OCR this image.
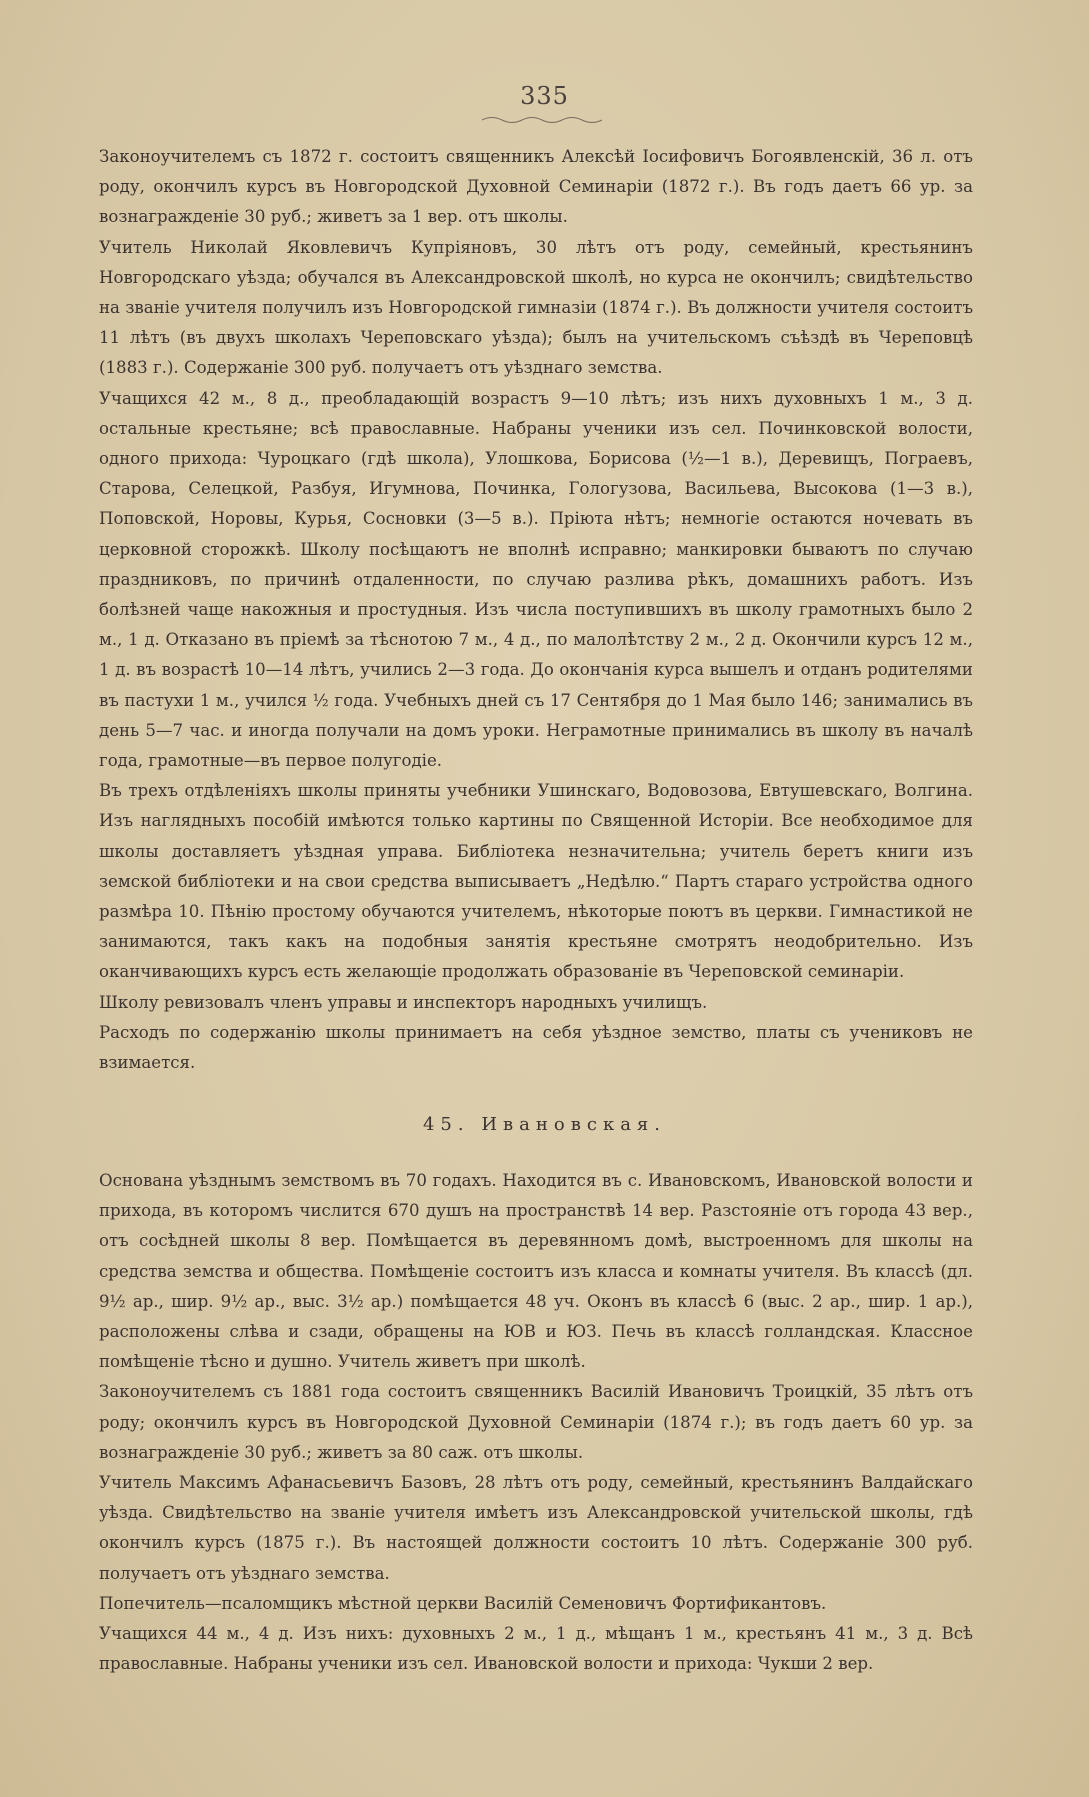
335

Законоучителемъ съ 1872 г. состоитъ священникъ Алексѣй Іосифовичъ Богоявленскій, 36 л. отъ роду, окончилъ курсъ въ Новгородской Духовной Семинаріи (1872 г.). Въ годъ даетъ 66 ур. за вознагражденіе 30 руб.; живетъ за 1 вер. отъ школы.

Учитель Николай Яковлевичъ Купріяновъ, 30 лѣтъ отъ роду, семейный, крестьянинъ Новгородскаго уѣзда; обучался въ Александровской школѣ, но курса не окончилъ; свидѣтельство на званіе учителя получилъ изъ Новгородской гимназіи (1874 г.). Въ должности учителя состоитъ 11 лѣтъ (въ двухъ школахъ Череповскаго уѣзда); былъ на учительскомъ съѣздѣ въ Череповцѣ (1883 г.). Содержаніе 300 руб. получаетъ отъ уѣзднаго земства.

Учащихся 42 м., 8 д., преобладающій возрастъ 9—10 лѣтъ; изъ нихъ духовныхъ 1 м., 3 д. остальные крестьяне; всѣ православные. Набраны ученики изъ сел. Починковской волости, одного прихода: Чуроцкаго (гдѣ школа), Улошкова, Борисова (½—1 в.), Деревищъ, Пограевъ, Старова, Селецкой, Разбуя, Игумнова, Починка, Гологузова, Васильева, Высокова (1—3 в.), Поповской, Норовы, Курья, Сосновки (3—5 в.). Пріюта нѣтъ; немногіе остаются ночевать въ церковной сторожкѣ. Школу посѣщаютъ не вполнѣ исправно; манкировки бываютъ по случаю праздниковъ, по причинѣ отдаленности, по случаю разлива рѣкъ, домашнихъ работъ. Изъ болѣзней чаще накожныя и простудныя. Изъ числа поступившихъ въ школу грамотныхъ было 2 м., 1 д. Отказано въ пріемѣ за тѣснотою 7 м., 4 д., по малолѣтству 2 м., 2 д. Окончили курсъ 12 м., 1 д. въ возрастѣ 10—14 лѣтъ, учились 2—3 года. До окончанія курса вышелъ и отданъ родителями въ пастухи 1 м., учился ½ года. Учебныхъ дней съ 17 Сентября до 1 Мая было 146; занимались въ день 5—7 час. и иногда получали на домъ уроки. Неграмотные принимались въ школу въ началѣ года, грамотные—въ первое полугодіе.

Въ трехъ отдѣленіяхъ школы приняты учебники Ушинскаго, Водовозова, Евтушевскаго, Волгина. Изъ наглядныхъ пособій имѣются только картины по Священной Исторіи. Все необходимое для школы доставляетъ уѣздная управа. Библіотека незначительна; учитель беретъ книги изъ земской библіотеки и на свои средства выписываетъ „Недѣлю.“ Партъ стараго устройства одного размѣра 10. Пѣнію простому обучаются учителемъ, нѣкоторые поютъ въ церкви. Гимнастикой не занимаются, такъ какъ на подобныя занятія крестьяне смотрятъ неодобрительно. Изъ оканчивающихъ курсъ есть желающіе продолжать образованіе въ Череповской семинаріи.

Школу ревизовалъ членъ управы и инспекторъ народныхъ училищъ.

Расходъ по содержанію школы принимаетъ на себя уѣздное земство, платы съ учениковъ не взимается.

45. Ивановская.

Основана уѣзднымъ земствомъ въ 70 годахъ. Находится въ с. Ивановскомъ, Ивановской волости и прихода, въ которомъ числится 670 душъ на пространствѣ 14 вер. Разстояніе отъ города 43 вер., отъ сосѣдней школы 8 вер. Помѣщается въ деревянномъ домѣ, выстроенномъ для школы на средства земства и общества. Помѣщеніе состоитъ изъ класса и комнаты учителя. Въ классѣ (дл. 9½ ар., шир. 9½ ар., выс. 3½ ар.) помѣщается 48 уч. Оконъ въ классѣ 6 (выс. 2 ар., шир. 1 ар.), расположены слѣва и сзади, обращены на ЮВ и ЮЗ. Печь въ классѣ голландская. Классное помѣщеніе тѣсно и душно. Учитель живетъ при школѣ.

Законоучителемъ съ 1881 года состоитъ священникъ Василій Ивановичъ Троицкій, 35 лѣтъ отъ роду; окончилъ курсъ въ Новгородской Духовной Семинаріи (1874 г.); въ годъ даетъ 60 ур. за вознагражденіе 30 руб.; живетъ за 80 саж. отъ школы.

Учитель Максимъ Афанасьевичъ Базовъ, 28 лѣтъ отъ роду, семейный, крестьянинъ Валдайскаго уѣзда. Свидѣтельство на званіе учителя имѣетъ изъ Александровской учительской школы, гдѣ окончилъ курсъ (1875 г.). Въ настоящей должности состоитъ 10 лѣтъ. Содержаніе 300 руб. получаетъ отъ уѣзднаго земства.

Попечитель—псаломщикъ мѣстной церкви Василій Семеновичъ Фортификантовъ.

Учащихся 44 м., 4 д. Изъ нихъ: духовныхъ 2 м., 1 д., мѣщанъ 1 м., крестьянъ 41 м., 3 д. Всѣ православные. Набраны ученики изъ сел. Ивановской волости и прихода: Чукши 2 вер.
